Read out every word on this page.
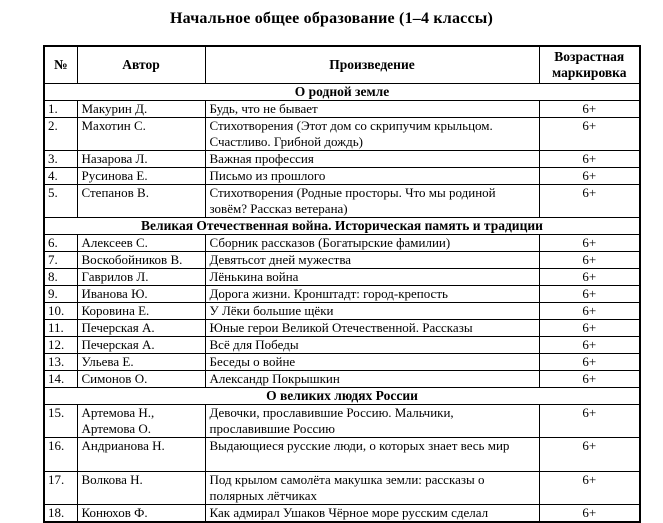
Начальное общее образование (1–4 классы)
№	Автор	Произведение	Возрастная маркировка
О родной земле			
1.	Макурин Д.	Будь, что не бывает	6+
2.	Махотин С.	Стихотворения (Этот дом со скрипучим крыльцом. Счастливо. Грибной дождь)	6+
3.	Назарова Л.	Важная профессия	6+
4.	Русинова Е.	Письмо из прошлого	6+
5.	Степанов В.	Стихотворения (Родные просторы. Что мы родиной зовём? Рассказ ветерана)	6+
Великая Отечественная война. Историческая память и традиции			
6.	Алексеев С.	Сборник рассказов (Богатырские фамилии)	6+
7.	Воскобойников В.	Девятьсот дней мужества	6+
8.	Гаврилов Л.	Лёнькина война	6+
9.	Иванова Ю.	Дорога жизни. Кронштадт: город-крепость	6+
10.	Коровина Е.	У Лёки большие щёки	6+
11.	Печерская А.	Юные герои Великой Отечественной. Рассказы	6+
12.	Печерская А.	Всё для Победы	6+
13.	Ульева Е.	Беседы о войне	6+
14.	Симонов О.	Александр Покрышкин	6+
О великих людях России			
15.	Артемова Н., Артемова О.	Девочки, прославившие Россию. Мальчики, прославившие Россию	6+
16.	Андрианова Н.	Выдающиеся русские люди, о которых знает весь мир	6+
17.	Волкова Н.	Под крылом самолёта макушка земли: рассказы о полярных лётчиках	6+
18.	Конюхов Ф.	Как адмирал Ушаков Чёрное море русским сделал	6+
